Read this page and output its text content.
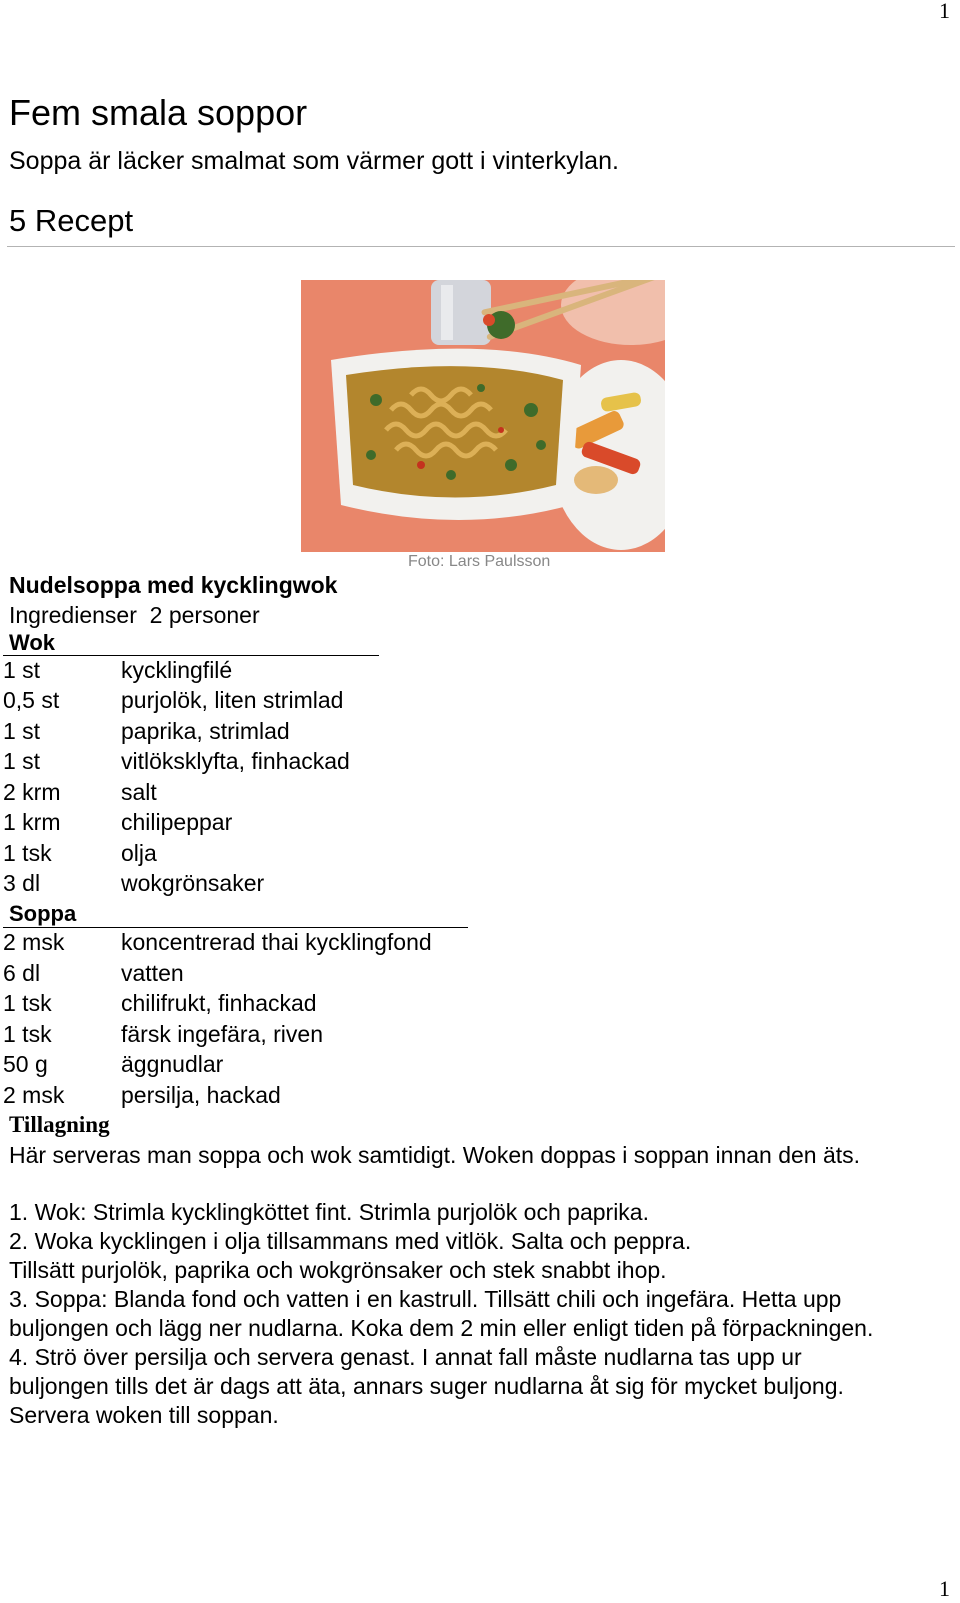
1
Fem smala soppor
Soppa är läcker smalmat som värmer gott i vinterkylan.
5 Recept
Foto: Lars Paulsson
Nudelsoppa med kycklingwok
Ingredienser  2 personer
Wok
1 st	kycklingfilé
0,5 st	purjolök, liten strimlad
1 st	paprika, strimlad
1 st	vitlöksklyfta, finhackad
2 krm	salt
1 krm	chilipeppar
1 tsk	olja
3 dl	wokgrönsaker
Soppa
2 msk koncentrerad thai kycklingfond
6 dl	vatten
1 tsk	chilifrukt, finhackad
1 tsk	färsk ingefära, riven
50 g	äggnudlar
2 msk persilja, hackad
Tillagning
Här serveras man soppa och wok samtidigt. Woken doppas i soppan innan den äts.
1. Wok: Strimla kycklingköttet fint. Strimla purjolök och paprika.
2. Woka kycklingen i olja tillsammans med vitlök. Salta och peppra.
Tillsätt purjolök, paprika och wokgrönsaker och stek snabbt ihop.
3. Soppa: Blanda fond och vatten i en kastrull. Tillsätt chili och ingefära. Hetta upp
buljongen och lägg ner nudlarna. Koka dem 2 min eller enligt tiden på förpackningen.
4. Strö över persilja och servera genast. I annat fall måste nudlarna tas upp ur
buljongen tills det är dags att äta, annars suger nudlarna åt sig för mycket buljong.
Servera woken till soppan.
1
